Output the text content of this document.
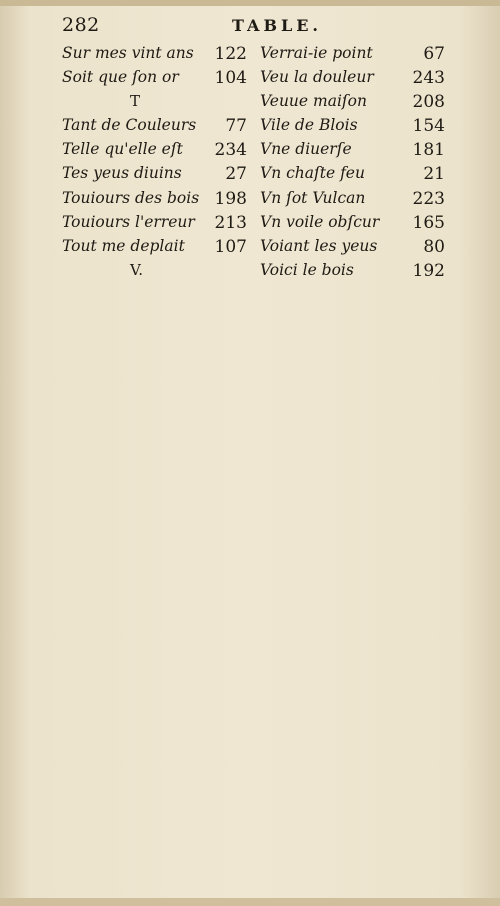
282	TABLE.
Sur mes vint ans 122
Soit que ſon or 104
T
Tant de Couleurs 77
Telle qu'elle eſt 234
Tes yeus diuins	27
Touiours des bois 198
Touiours l'erreur 213
Tout me deplait 107
V.
Verrai-ie point	67
Veu la douleur 243
Veuue maiſon	208
Vile de Blois	154
Vne diuerſe	181
Vn chaſte feu	21
Vn ſot Vulcan	223
Vn voile obſcur 165
Voiant les yeus	80
Voici le bois	192
